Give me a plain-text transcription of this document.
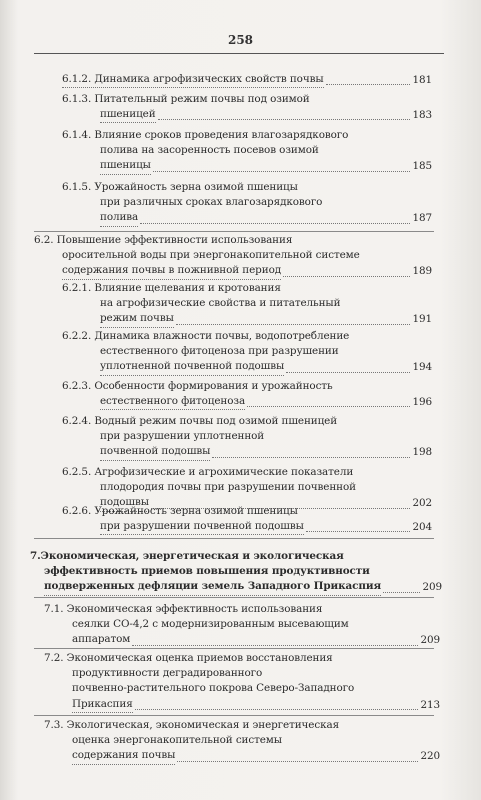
258
6.1.2. Динамика агрофизических свойств почвы	181
6.1.3. Питательный режим почвы под озимой
пшеницей	183
6.1.4. Влияние сроков проведения влагозарядкового
полива на засоренность посевов озимой
пшеницы	185
6.1.5. Урожайность зерна озимой пшеницы
при различных сроках влагозарядкового
полива	187
6.2. Повышение эффективности использования
оросительной воды при энергонакопительной системе
содержания почвы в пожнивной период	189
6.2.1. Влияние щелевания и кротования
на агрофизические свойства и питательный
режим почвы	191
6.2.2. Динамика влажности почвы, водопотребление
естественного фитоценоза при разрушении
уплотненной почвенной подошвы	194
6.2.3. Особенности формирования и урожайность
естественного фитоценоза	196
6.2.4. Водный режим почвы под озимой пшеницей
при разрушении уплотненной
почвенной подошвы	198
6.2.5. Агрофизические и агрохимические показатели
плодородия почвы при разрушении почвенной
подошвы	202
6.2.6. Урожайность зерна озимой пшеницы
при разрушении почвенной подошвы	204
7.Экономическая, энергетическая и экологическая
эффективность приемов повышения продуктивности
подверженных дефляции земель Западного Прикаспия	209
7.1. Экономическая эффективность использования
сеялки СО-4,2 с модернизированным высевающим
аппаратом	209
7.2. Экономическая оценка приемов восстановления
продуктивности деградированного
почвенно-растительного покрова Северо-Западного
Прикаспия	213
7.3. Экологическая, экономическая и энергетическая
оценка энергонакопительной системы
содержания почвы	220
